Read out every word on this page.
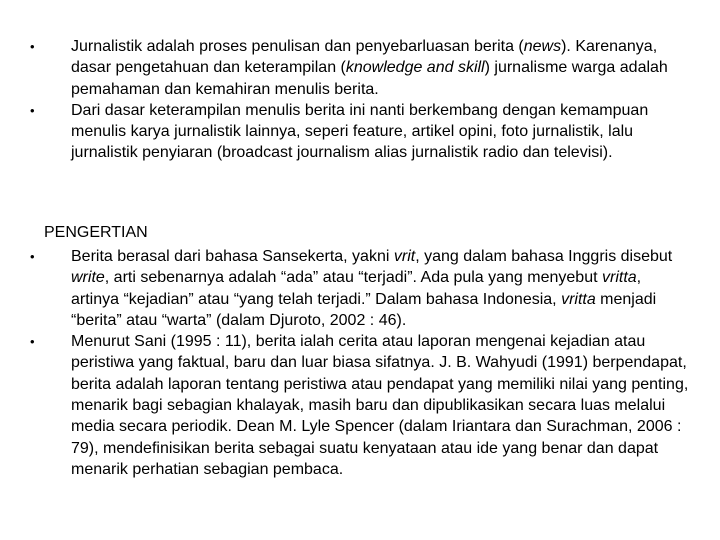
• Jurnalistik adalah proses penulisan dan penyebarluasan berita (news). Karenanya, dasar pengetahuan dan keterampilan (knowledge and skill) jurnalisme warga adalah pemahaman dan kemahiran menulis berita.
• Dari dasar keterampilan menulis berita ini nanti berkembang dengan kemampuan menulis karya jurnalistik lainnya, seperi feature, artikel opini, foto jurnalistik, lalu jurnalistik penyiaran (broadcast journalism alias jurnalistik radio dan televisi).
PENGERTIAN
• Berita berasal dari bahasa Sansekerta, yakni vrit, yang dalam bahasa Inggris disebut write, arti sebenarnya adalah “ada” atau “terjadi”. Ada pula yang menyebut vritta, artinya “kejadian” atau “yang telah terjadi.” Dalam bahasa Indonesia, vritta menjadi “berita” atau “warta” (dalam Djuroto, 2002 : 46).
• Menurut Sani (1995 : 11), berita ialah cerita atau laporan mengenai kejadian atau peristiwa yang faktual, baru dan luar biasa sifatnya. J. B. Wahyudi (1991) berpendapat, berita adalah laporan tentang peristiwa atau pendapat yang memiliki nilai yang penting, menarik bagi sebagian khalayak, masih baru dan dipublikasikan secara luas melalui media secara periodik. Dean M. Lyle Spencer (dalam Iriantara dan Surachman, 2006 : 79), mendefinisikan berita sebagai suatu kenyataan atau ide yang benar dan dapat menarik perhatian sebagian pembaca.
